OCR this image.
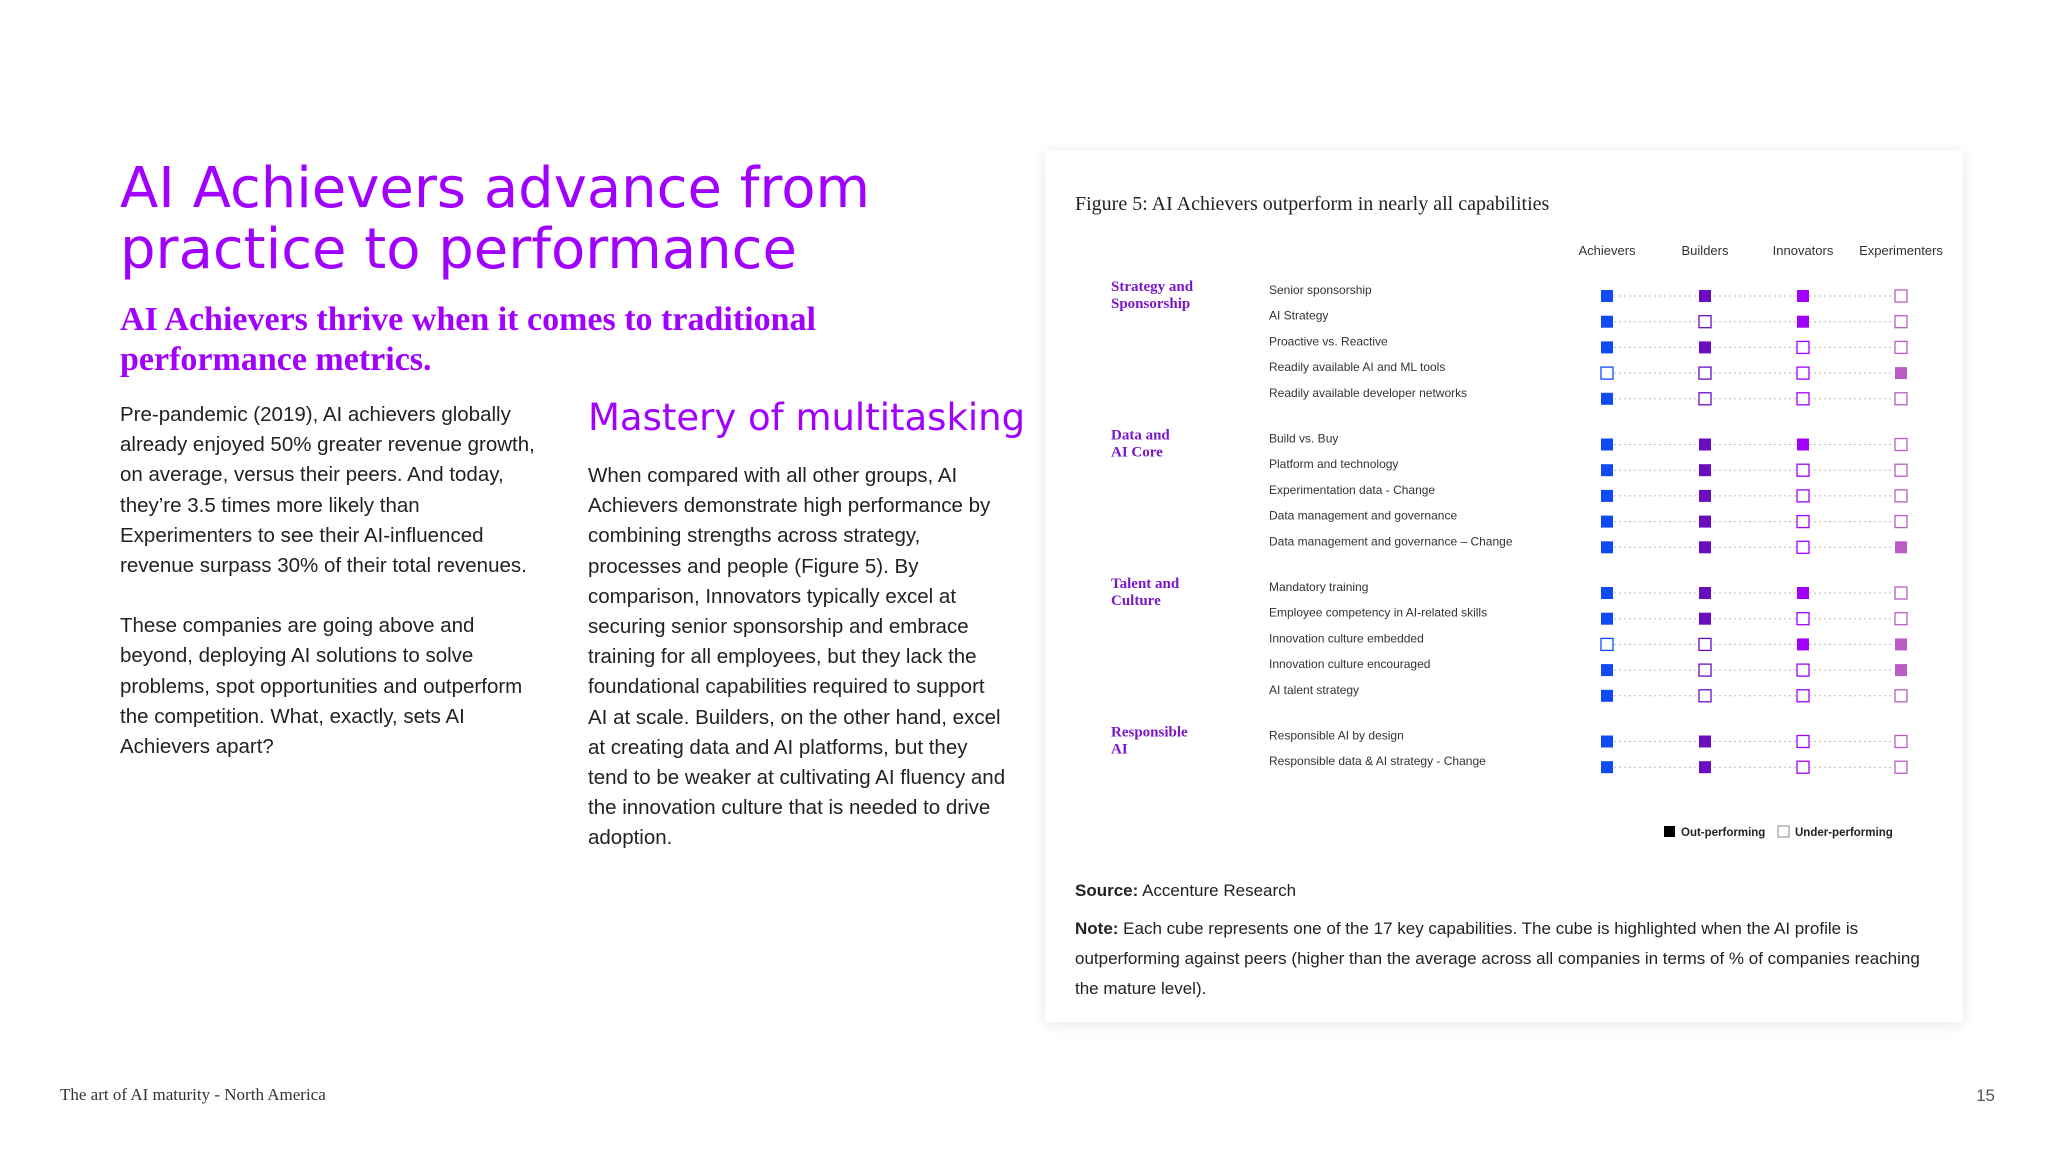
AI Achievers advance from practice to performance
AI Achievers thrive when it comes to traditional performance metrics.

Pre-pandemic (2019), AI achievers globally already enjoyed 50% greater revenue growth, on average, versus their peers. And today, they’re 3.5 times more likely than Experimenters to see their AI-influenced revenue surpass 30% of their total revenues.

These companies are going above and beyond, deploying AI solutions to solve problems, spot opportunities and outperform the competition. What, exactly, sets AI Achievers apart?

Mastery of multitasking

When compared with all other groups, AI Achievers demonstrate high performance by combining strengths across strategy, processes and people (Figure 5). By comparison, Innovators typically excel at securing senior sponsorship and embrace training for all employees, but they lack the foundational capabilities required to support AI at scale. Builders, on the other hand, excel at creating data and AI platforms, but they tend to be weaker at cultivating AI fluency and the innovation culture that is needed to drive adoption.

Figure 5: AI Achievers outperform in nearly all capabilities

Achievers	Builders	Innovators Experimenters
Strategy and
Sponsorship
Senior sponsorship
AI Strategy
Proactive vs. Reactive
Readily available AI and ML tools
Readily available developer networks
Data and
AI Core
Build vs. Buy
Platform and technology
Experimentation data - Change
Data management and governance
Data management and governance – Change
Talent and
Culture
Mandatory training
Employee competency in AI-related skills
Innovation culture embedded
Innovation culture encouraged
AI talent strategy
Responsible
AI
Responsible AI by design
Responsible data & AI strategy - Change
Out-performing	Under-performing
Source: Accenture Research
Note: Each cube represents one of the 17 key capabilities. The cube is highlighted when the AI profile is outperforming against peers (higher than the average across all companies in terms of % of companies reaching the mature level).
The art of AI maturity - North America	15
